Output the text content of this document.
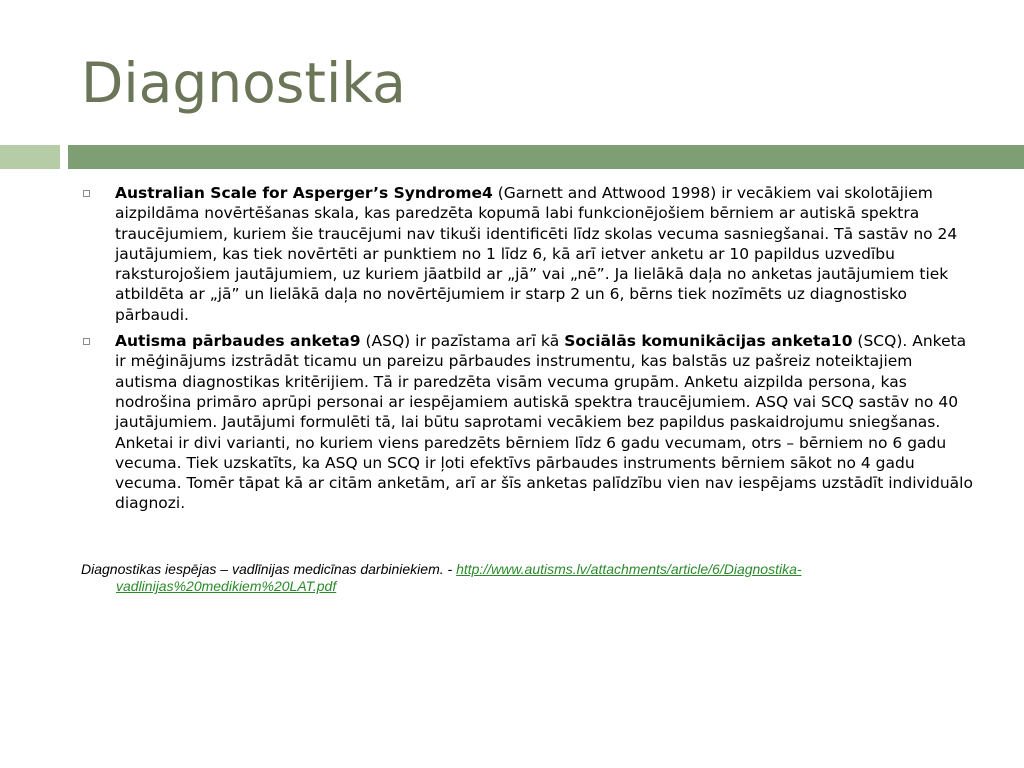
Diagnostika
Australian Scale for Asperger’s Syndrome4 (Garnett and Attwood 1998) ir vecākiem vai skolotājiem aizpildāma novērtēšanas skala, kas paredzēta kopumā labi funkcionējošiem bērniem ar autiskā spektra traucējumiem, kuriem šie traucējumi nav tikuši identificēti līdz skolas vecuma sasniegšanai. Tā sastāv no 24 jautājumiem, kas tiek novērtēti ar punktiem no 1 līdz 6, kā arī ietver anketu ar 10 papildus uzvedību raksturojošiem jautājumiem, uz kuriem jāatbild ar „jā” vai „nē”. Ja lielākā daļa no anketas jautājumiem tiek atbildēta ar „jā” un lielākā daļa no novērtējumiem ir starp 2 un 6, bērns tiek nozīmēts uz diagnostisko pārbaudi.
Autisma pārbaudes anketa9 (ASQ) ir pazīstama arī kā Sociālās komunikācijas anketa10 (SCQ). Anketa ir mēģinājums izstrādāt ticamu un pareizu pārbaudes instrumentu, kas balstās uz pašreiz noteiktajiem autisma diagnostikas kritērijiem. Tā ir paredzēta visām vecuma grupām. Anketu aizpilda persona, kas nodrošina primāro aprūpi personai ar iespējamiem autiskā spektra traucējumiem. ASQ vai SCQ sastāv no 40 jautājumiem. Jautājumi formulēti tā, lai būtu saprotami vecākiem bez papildus paskaidrojumu sniegšanas. Anketai ir divi varianti, no kuriem viens paredzēts bērniem līdz 6 gadu vecumam, otrs – bērniem no 6 gadu vecuma. Tiek uzskatīts, ka ASQ un SCQ ir ļoti efektīvs pārbaudes instruments bērniem sākot no 4 gadu vecuma. Tomēr tāpat kā ar citām anketām, arī ar šīs anketas palīdzību vien nav iespējams uzstādīt individuālo diagnozi.

Diagnostikas iespējas – vadlīnijas medicīnas darbiniekiem. - http://www.autisms.lv/attachments/article/6/Diagnostika-
vadlinijas%20medikiem%20LAT.pdf
